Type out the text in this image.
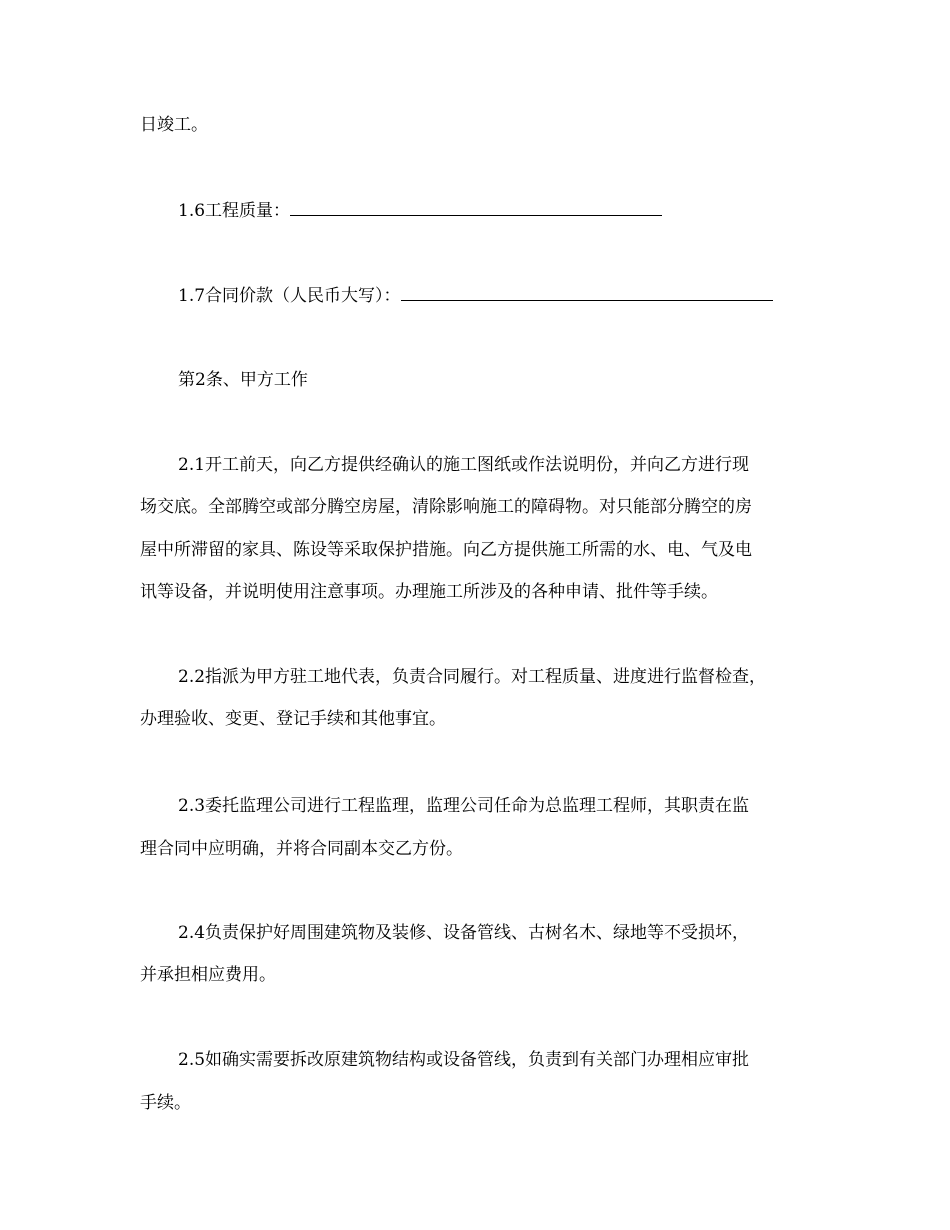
日竣工。
1.6工程质量：
1.7合同价款（人民币大写）：
第2条、甲方工作
2.1开工前天，向乙方提供经确认的施工图纸或作法说明份，并向乙方进行现
场交底。全部腾空或部分腾空房屋，清除影响施工的障碍物。对只能部分腾空的房
屋中所滞留的家具、陈设等采取保护措施。向乙方提供施工所需的水、电、气及电
讯等设备，并说明使用注意事项。办理施工所涉及的各种申请、批件等手续。
2.2指派为甲方驻工地代表，负责合同履行。对工程质量、进度进行监督检查，
办理验收、变更、登记手续和其他事宜。
2.3委托监理公司进行工程监理，监理公司任命为总监理工程师，其职责在监
理合同中应明确，并将合同副本交乙方份。
2.4负责保护好周围建筑物及装修、设备管线、古树名木、绿地等不受损坏，
并承担相应费用。
2.5如确实需要拆改原建筑物结构或设备管线，负责到有关部门办理相应审批
手续。
